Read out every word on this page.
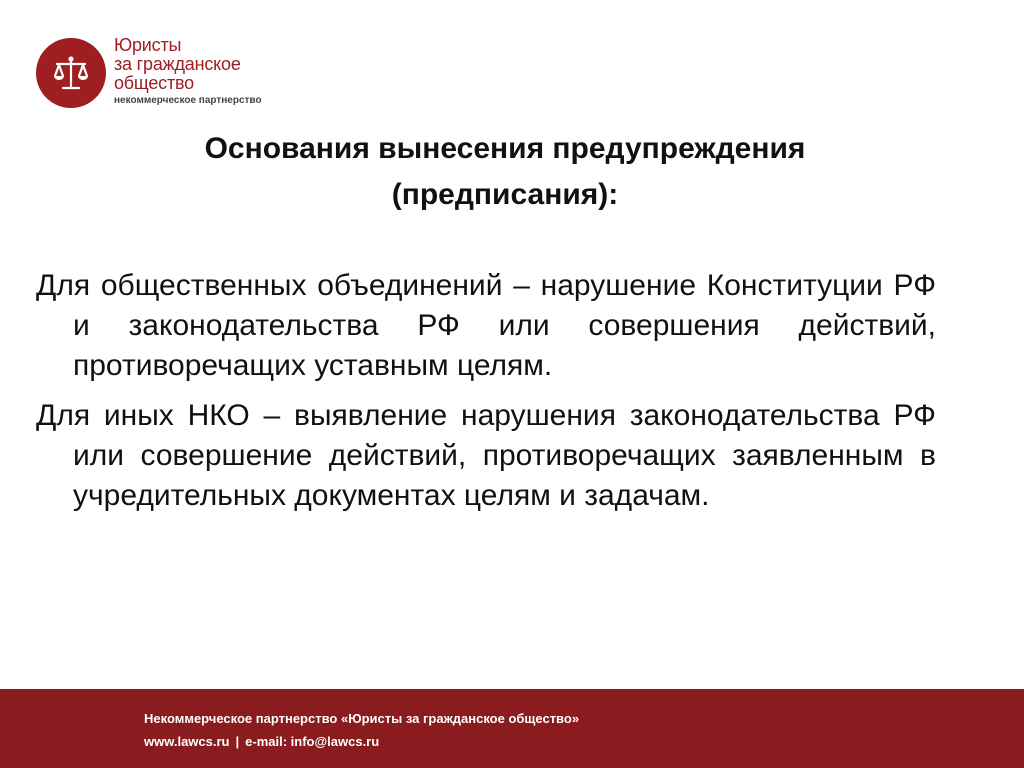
Юристы
за гражданское
общество
некоммерческое партнерство
Основания вынесения предупреждения
(предписания):

Для общественных объединений – нарушение Конституции РФ и законодательства РФ или совершения действий, противоречащих уставным целям.

Для иных НКО – выявление нарушения законодательства РФ или совершение действий, противоречащих заявленным в учредительных документах целям и задачам.

Некоммерческое партнерство «Юристы за гражданское общество»
www.lawcs.ru | e-mail: info@lawcs.ru
